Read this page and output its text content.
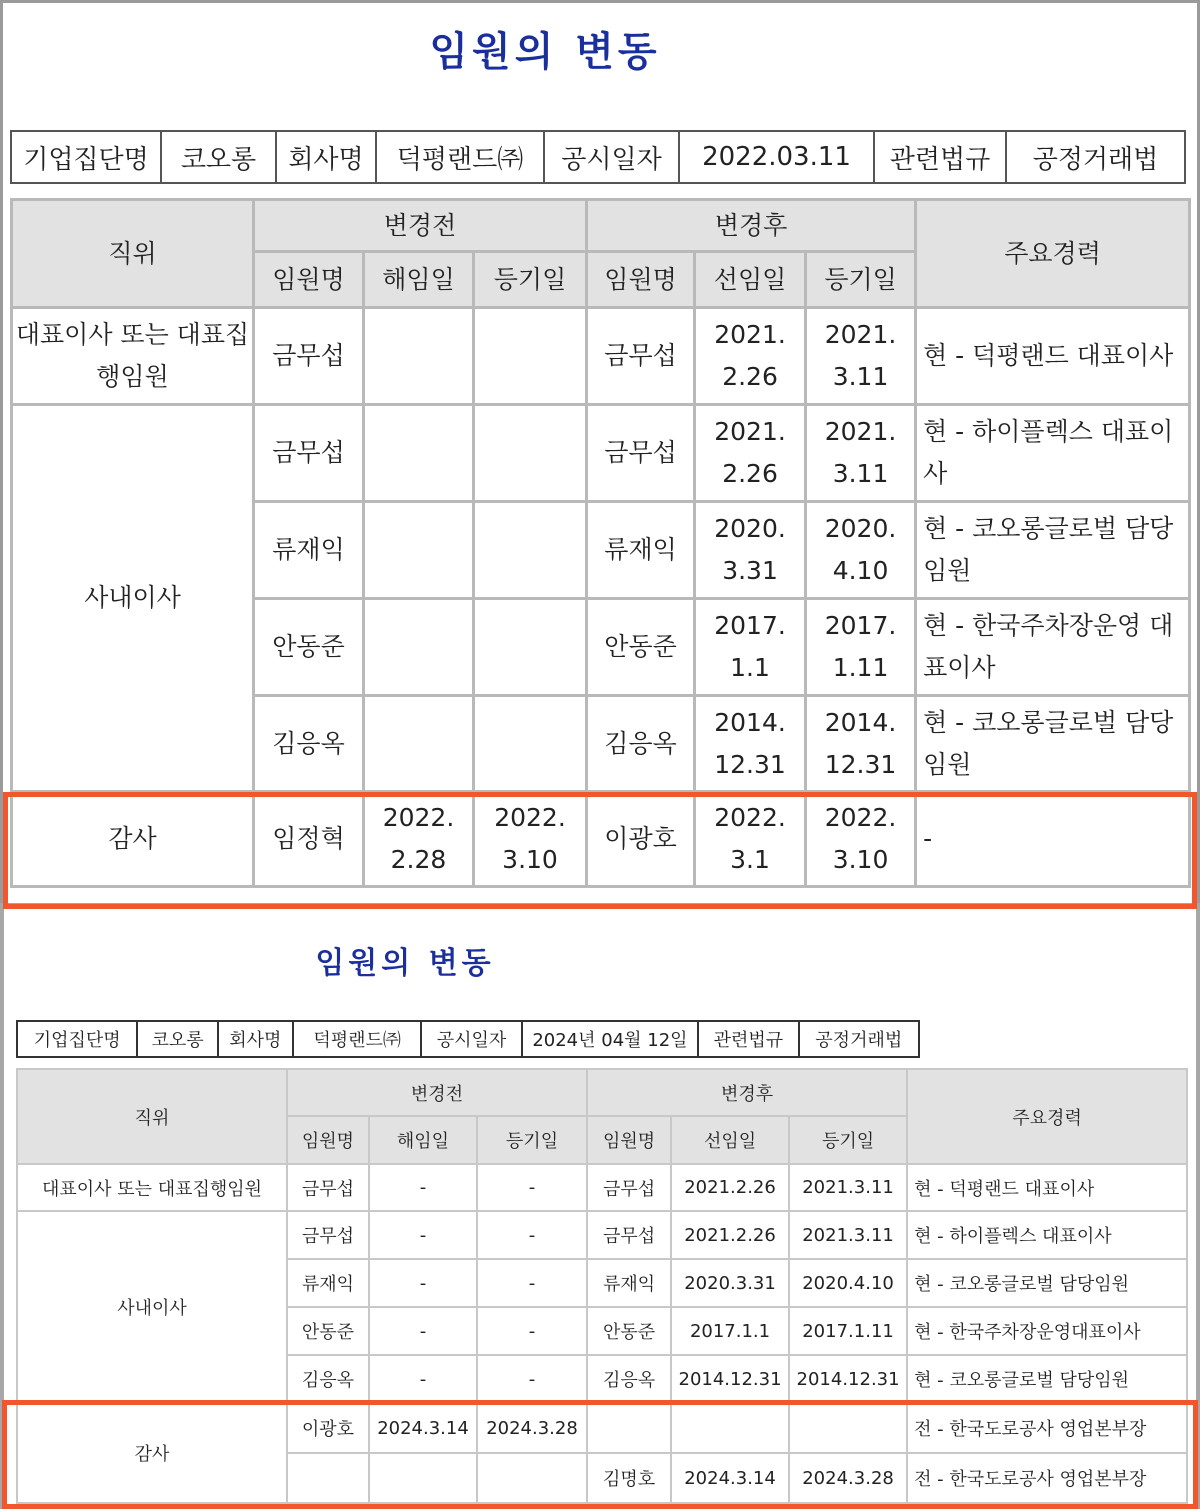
임원의 변동
기업집단명	코오롱	회사명	덕평랜드㈜	공시일자	2022.03.11	관련법규	공정거래법
직위	변경전			변경후			주요경력
	임원명	해임일	등기일	임원명	선임일	등기일	
대표이사 또는 대표집행임원	금무섭			금무섭	2021. 2.26	2021. 3.11	현 - 덕평랜드 대표이사
사내이사	금무섭			금무섭	2021. 2.26	2021. 3.11	현 - 하이플렉스 대표이사
	류재익			류재익	2020. 3.31	2020. 4.10	현 - 코오롱글로벌 담당임원
	안동준			안동준	2017. 1.1	2017. 1.11	현 - 한국주차장운영 대표이사
	김응옥			김응옥	2014. 12.31	2014. 12.31	현 - 코오롱글로벌 담당임원
감사	임정혁	2022. 2.28	2022. 3.10	이광호	2022. 3.1	2022. 3.10	-
임원의 변동
기업집단명	코오롱	회사명	덕평랜드㈜	공시일자	2024년 04월 12일	관련법규	공정거래법
직위	변경전			변경후			주요경력
	임원명	해임일	등기일	임원명	선임일	등기일	
대표이사 또는 대표집행임원	금무섭	-	-	금무섭	2021.2.26	2021.3.11	현 - 덕평랜드 대표이사
사내이사	금무섭	-	-	금무섭	2021.2.26	2021.3.11	현 - 하이플렉스 대표이사
	류재익	-	-	류재익	2020.3.31	2020.4.10	현 - 코오롱글로벌 담당임원
	안동준	-	-	안동준	2017.1.1	2017.1.11	현 - 한국주차장운영대표이사
	김응옥	-	-	김응옥	2014.12.31	2014.12.31	현 - 코오롱글로벌 담당임원
감사	이광호	2024.3.14	2024.3.28				전 - 한국도로공사 영업본부장
				김명호	2024.3.14	2024.3.28	전 - 한국도로공사 영업본부장
